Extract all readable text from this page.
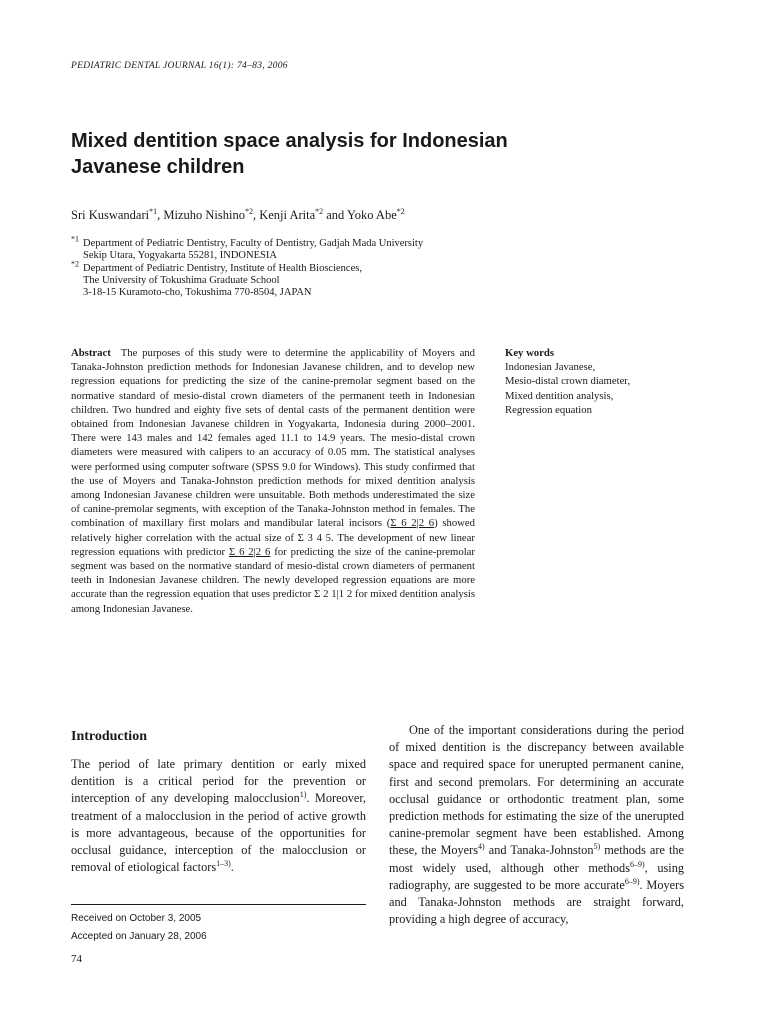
PEDIATRIC DENTAL JOURNAL 16(1): 74–83, 2006
Mixed dentition space analysis for Indonesian Javanese children
Sri Kuswandari$^{*1}$, Mizuho Nishino$^{*2}$, Kenji Arita$^{*2}$ and Yoko Abe$^{*2}$
$^{*1}$ Department of Pediatric Dentistry, Faculty of Dentistry, Gadjah Mada University
Sekip Utara, Yogyakarta 55281, INDONESIA
$^{*2}$ Department of Pediatric Dentistry, Institute of Health Biosciences,
The University of Tokushima Graduate School
3-18-15 Kuramoto-cho, Tokushima 770-8504, JAPAN

Abstract The purposes of this study were to determine the applicability of Moyers and Tanaka-Johnston prediction methods for Indonesian Javanese children, and to develop new regression equations for predicting the size of the canine-premolar segment based on the normative standard of mesio-distal crown diameters of the permanent teeth in Indonesian children. Two hundred and eighty five sets of dental casts of the permanent dentition were obtained from Indonesian Javanese children in Yogyakarta, Indonesia during 2000–2001. There were 143 males and 142 females aged 11.1 to 14.9 years. The mesio-distal crown diameters were measured with calipers to an accuracy of 0.05 mm. The statistical analyses were performed using computer software (SPSS 9.0 for Windows). This study confirmed that the use of Moyers and Tanaka-Johnston prediction methods for mixed dentition analysis among Indonesian Javanese children were unsuitable. Both methods underestimated the size of canine-premolar segments, with exception of the Tanaka-Johnston method in females. The combination of maxillary first molars and mandibular lateral incisors (Σ 6 2|2 6) showed relatively higher correlation with the actual size of Σ 3 4 5. The development of new linear regression equations with predictor Σ 6 2|2 6 for predicting the size of the canine-premolar segment was based on the normative standard of mesio-distal crown diameters of permanent teeth in Indonesian Javanese children. The newly developed regression equations are more accurate than the regression equation that uses predictor Σ 2 1|1 2 for mixed dentition analysis among Indonesian Javanese.

Key words
Indonesian Javanese,
Mesio-distal crown diameter,
Mixed dentition analysis,
Regression equation
Introduction

The period of late primary dentition or early mixed dentition is a critical period for the prevention or interception of any developing malocclusion$^{1)}$. Moreover, treatment of a malocclusion in the period of active growth is more advantageous, because of the opportunities for occlusal guidance, interception of the malocclusion or removal of etiological factors$^{1-3)}$.

One of the important considerations during the period of mixed dentition is the discrepancy between available space and required space for unerupted permanent canine, first and second premolars. For determining an accurate occlusal guidance or orthodontic treatment plan, some prediction methods for estimating the size of the unerupted canine-premolar segment have been established. Among these, the Moyers$^{4)}$ and Tanaka-Johnston$^{5)}$ methods are the most widely used, although other methods$^{6-9)}$, using radiography, are suggested to be more accurate$^{6-9)}$. Moyers and Tanaka-Johnston methods are straight forward, providing a high degree of accuracy,

Received on October 3, 2005
Accepted on January 28, 2006
74
